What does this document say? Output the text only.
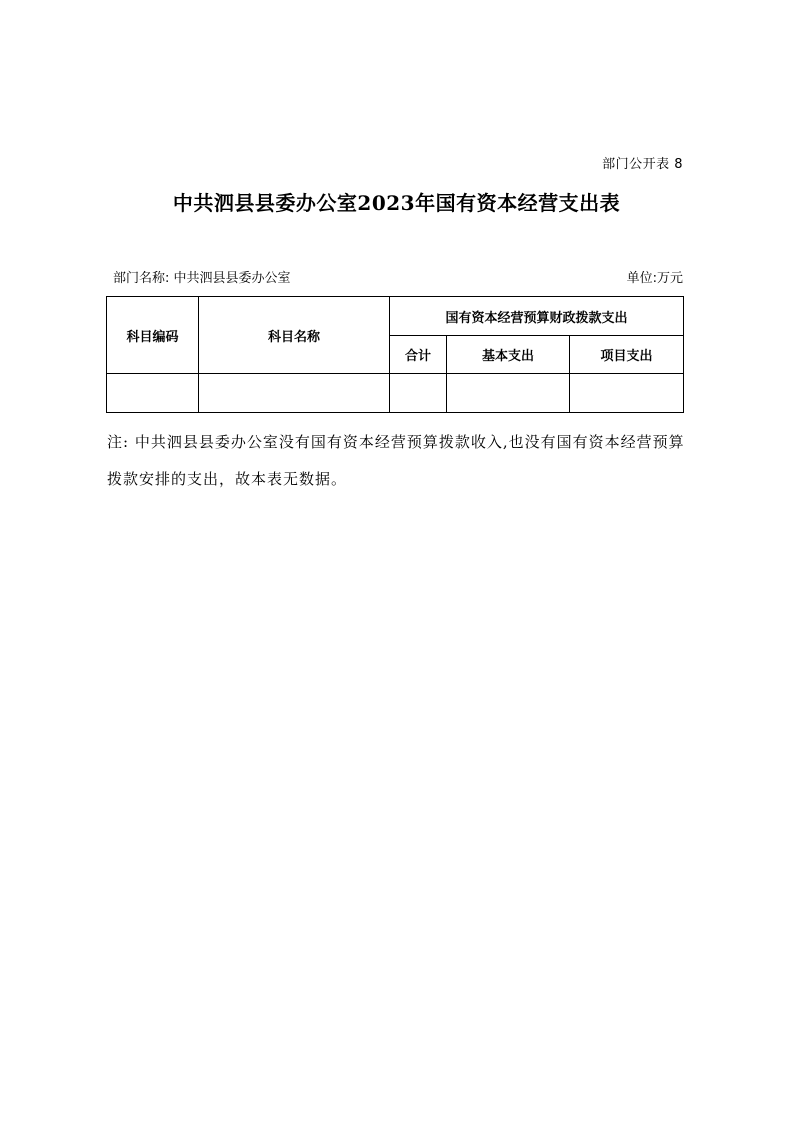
部门公开表 8
中共泗县县委办公室2023年国有资本经营支出表
部门名称: 中共泗县县委办公室	单位:万元
科目编码	科目名称	国有资本经营预算财政拨款支出		
		合计	基本支出	项目支出

注: 中共泗县县委办公室没有国有资本经营预算拨款收入,也没有国有资本经营预算拨款安排的支出，故本表无数据。
